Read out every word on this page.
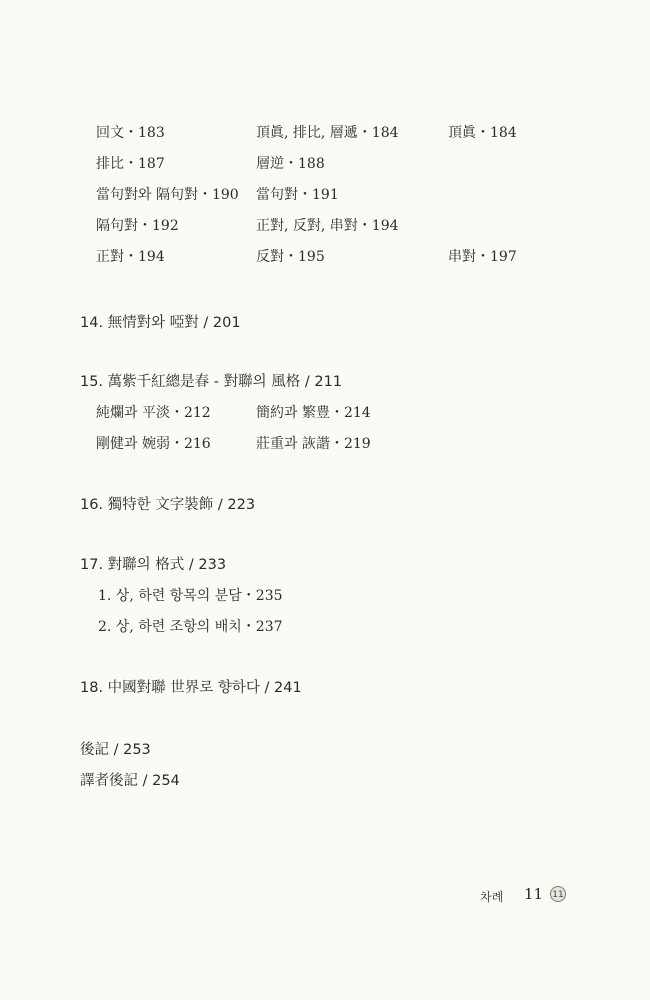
回文・183	頂眞, 排比, 層遞・184	頂眞・184
排比・187	層逆・188
當句對와 隔句對・190 當句對・191
隔句對・192	正對, 反對, 串對・194
正對・194	反對・195	串對・197
14. 無情對와 啞對 / 201
15. 萬紫千紅總是春 - 對聯의 風格 / 211
純爛과 平淡・212	簡約과 繁豊・214
剛健과 婉弱・216	莊重과 詼諧・219
16. 獨特한 文字裝飾 / 223
17. 對聯의 格式 / 233
1. 상, 하련 항목의 분담・235
2. 상, 하련 조항의 배치・237
18. 中國對聯 世界로 향하다 / 241
後記 / 253
譯者後記 / 254
차례 11 11
